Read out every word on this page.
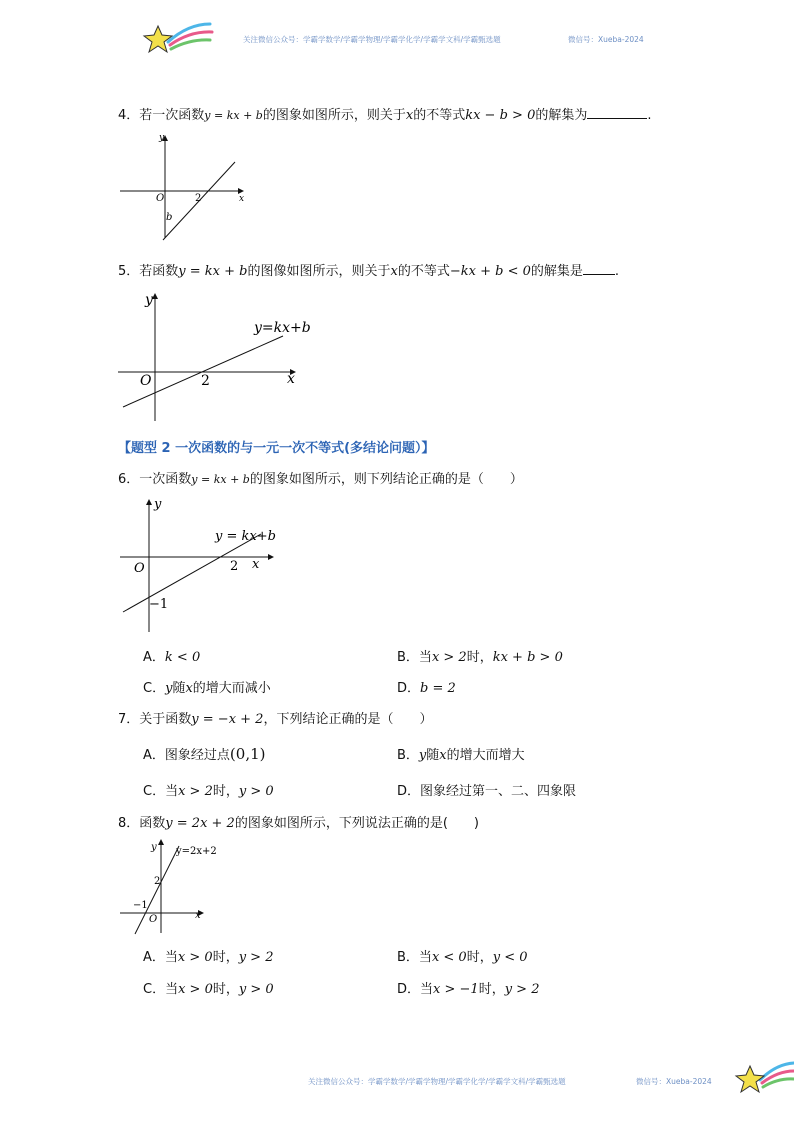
关注微信公众号：学霸学数学/学霸学物理/学霸学化学/学霸学文科/学霸甄选题	微信号：Xueba-2024
4．若一次函数y = kx + b的图象如图所示，则关于x的不等式kx − b > 0的解集为	.
y
x
O	2
b
5．若函数y = kx + b的图像如图所示，则关于x的不等式−kx + b < 0的解集是 .
y
x
O	2
y=kx+b
【题型 2 一次函数的与一元一次不等式(多结论问题）】
6．一次函数y = kx + b的图象如图所示，则下列结论正确的是（　　）
y
x
O	2
−1
y = kx+b
A．k < 0	B．当x > 2时，kx + b > 0
C．y随x的增大而减小	D．b = 2
7．关于函数y = −x + 2，下列结论正确的是（　　）
A．图象经过点(0,1)	B．y随x的增大而增大
C．当x > 2时，y > 0	D．图象经过第一、二、四象限
8．函数y = 2x + 2的图象如图所示，下列说法正确的是(　　)
y
x
O
2
−1
y=2x+2
A．当x > 0时，y > 2	B．当x < 0时，y < 0
C．当x > 0时，y > 0	D．当x > −1时，y > 2
关注微信公众号：学霸学数学/学霸学物理/学霸学化学/学霸学文科/学霸甄选题	微信号：Xueba-2024
